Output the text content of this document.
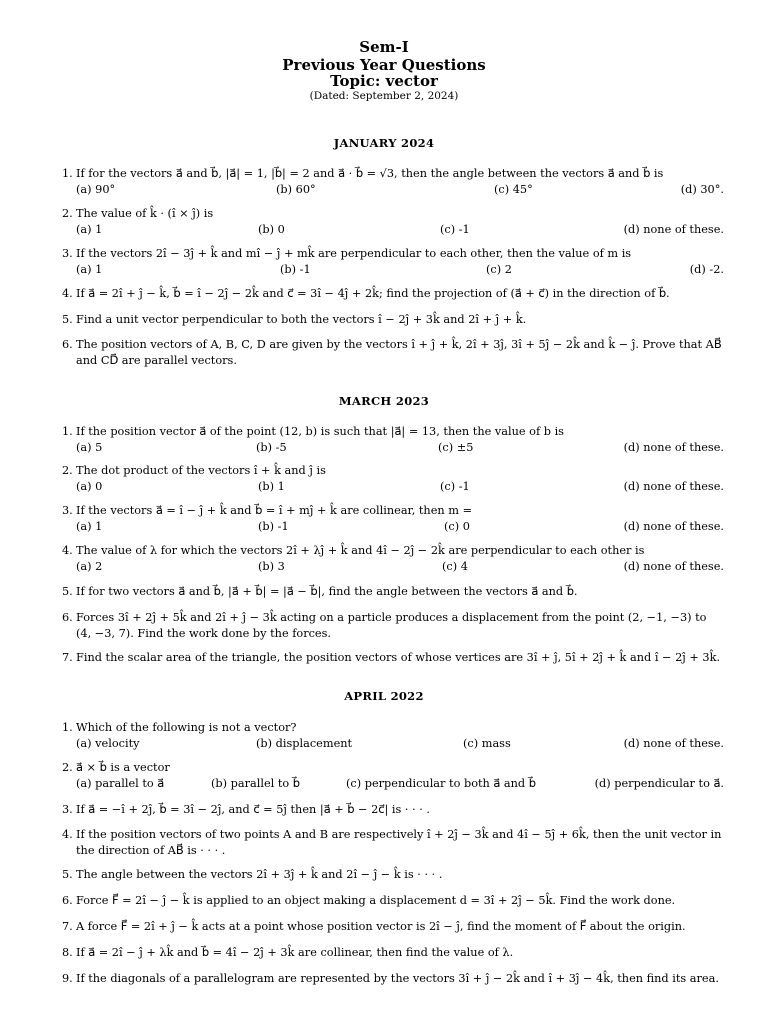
Sem-I
Previous Year Questions
Topic: vector
(Dated: September 2, 2024)
JANUARY 2024
1. If for the vectors a⃗ and b⃗, |a⃗| = 1, |b⃗| = 2 and a⃗ · b⃗ = √3, then the angle between the vectors a⃗ and b⃗ is
(a) 90°	(b) 60°	(c) 45°	(d) 30°.
2. The value of k̂ · (î × ĵ) is
(a) 1	(b) 0	(c) -1	(d) none of these.
3. If the vectors 2î − 3ĵ + k̂ and mî − ĵ + mk̂ are perpendicular to each other, then the value of m is
(a) 1	(b) -1	(c) 2	(d) -2.
4. If a⃗ = 2î + ĵ − k̂, b⃗ = î − 2ĵ − 2k̂ and c⃗ = 3î − 4ĵ + 2k̂; find the projection of (a⃗ + c⃗) in the direction of b⃗.
5. Find a unit vector perpendicular to both the vectors î − 2ĵ + 3k̂ and 2î + ĵ + k̂.
6. The position vectors of A, B, C, D are given by the vectors î + ĵ + k̂, 2î + 3ĵ, 3î + 5ĵ − 2k̂ and k̂ − ĵ. Prove that AB⃗ and CD⃗ are parallel vectors.
MARCH 2023
1. If the position vector a⃗ of the point (12, b) is such that |a⃗| = 13, then the value of b is
(a) 5	(b) -5	(c) ±5	(d) none of these.
2. The dot product of the vectors î + k̂ and ĵ is
(a) 0	(b) 1	(c) -1	(d) none of these.
3. If the vectors a⃗ = î − ĵ + k̂ and b⃗ = î + mĵ + k̂ are collinear, then m =
(a) 1	(b) -1	(c) 0	(d) none of these.
4. The value of λ for which the vectors 2î + λĵ + k̂ and 4î − 2ĵ − 2k̂ are perpendicular to each other is
(a) 2	(b) 3	(c) 4	(d) none of these.
5. If for two vectors a⃗ and b⃗, |a⃗ + b⃗| = |a⃗ − b⃗|, find the angle between the vectors a⃗ and b⃗.
6. Forces 3î + 2ĵ + 5k̂ and 2î + ĵ − 3k̂ acting on a particle produces a displacement from the point (2, −1, −3) to (4, −3, 7). Find the work done by the forces.
7. Find the scalar area of the triangle, the position vectors of whose vertices are 3î + ĵ, 5î + 2ĵ + k̂ and î − 2ĵ + 3k̂.
APRIL 2022
1. Which of the following is not a vector?
(a) velocity	(b) displacement	(c) mass	(d) none of these.
2. a⃗ × b⃗ is a vector
(a) parallel to a⃗	(b) parallel to b⃗	(c) perpendicular to both a⃗ and b⃗	(d) perpendicular to a⃗.
3. If a⃗ = −î + 2ĵ, b⃗ = 3î − 2ĵ, and c⃗ = 5ĵ then |a⃗ + b⃗ − 2c⃗| is · · · .
4. If the position vectors of two points A and B are respectively î + 2ĵ − 3k̂ and 4î − 5ĵ + 6k̂, then the unit vector in the direction of AB⃗ is · · · .
5. The angle between the vectors 2î + 3ĵ + k̂ and 2î − ĵ − k̂ is · · · .
6. Force F⃗ = 2î − ĵ − k̂ is applied to an object making a displacement d = 3î + 2ĵ − 5k̂. Find the work done.
7. A force F⃗ = 2î + ĵ − k̂ acts at a point whose position vector is 2î − ĵ, find the moment of F⃗ about the origin.
8. If a⃗ = 2î − ĵ + λk̂ and b⃗ = 4î − 2ĵ + 3k̂ are collinear, then find the value of λ.
9. If the diagonals of a parallelogram are represented by the vectors 3î + ĵ − 2k̂ and î + 3ĵ − 4k̂, then find its area.
